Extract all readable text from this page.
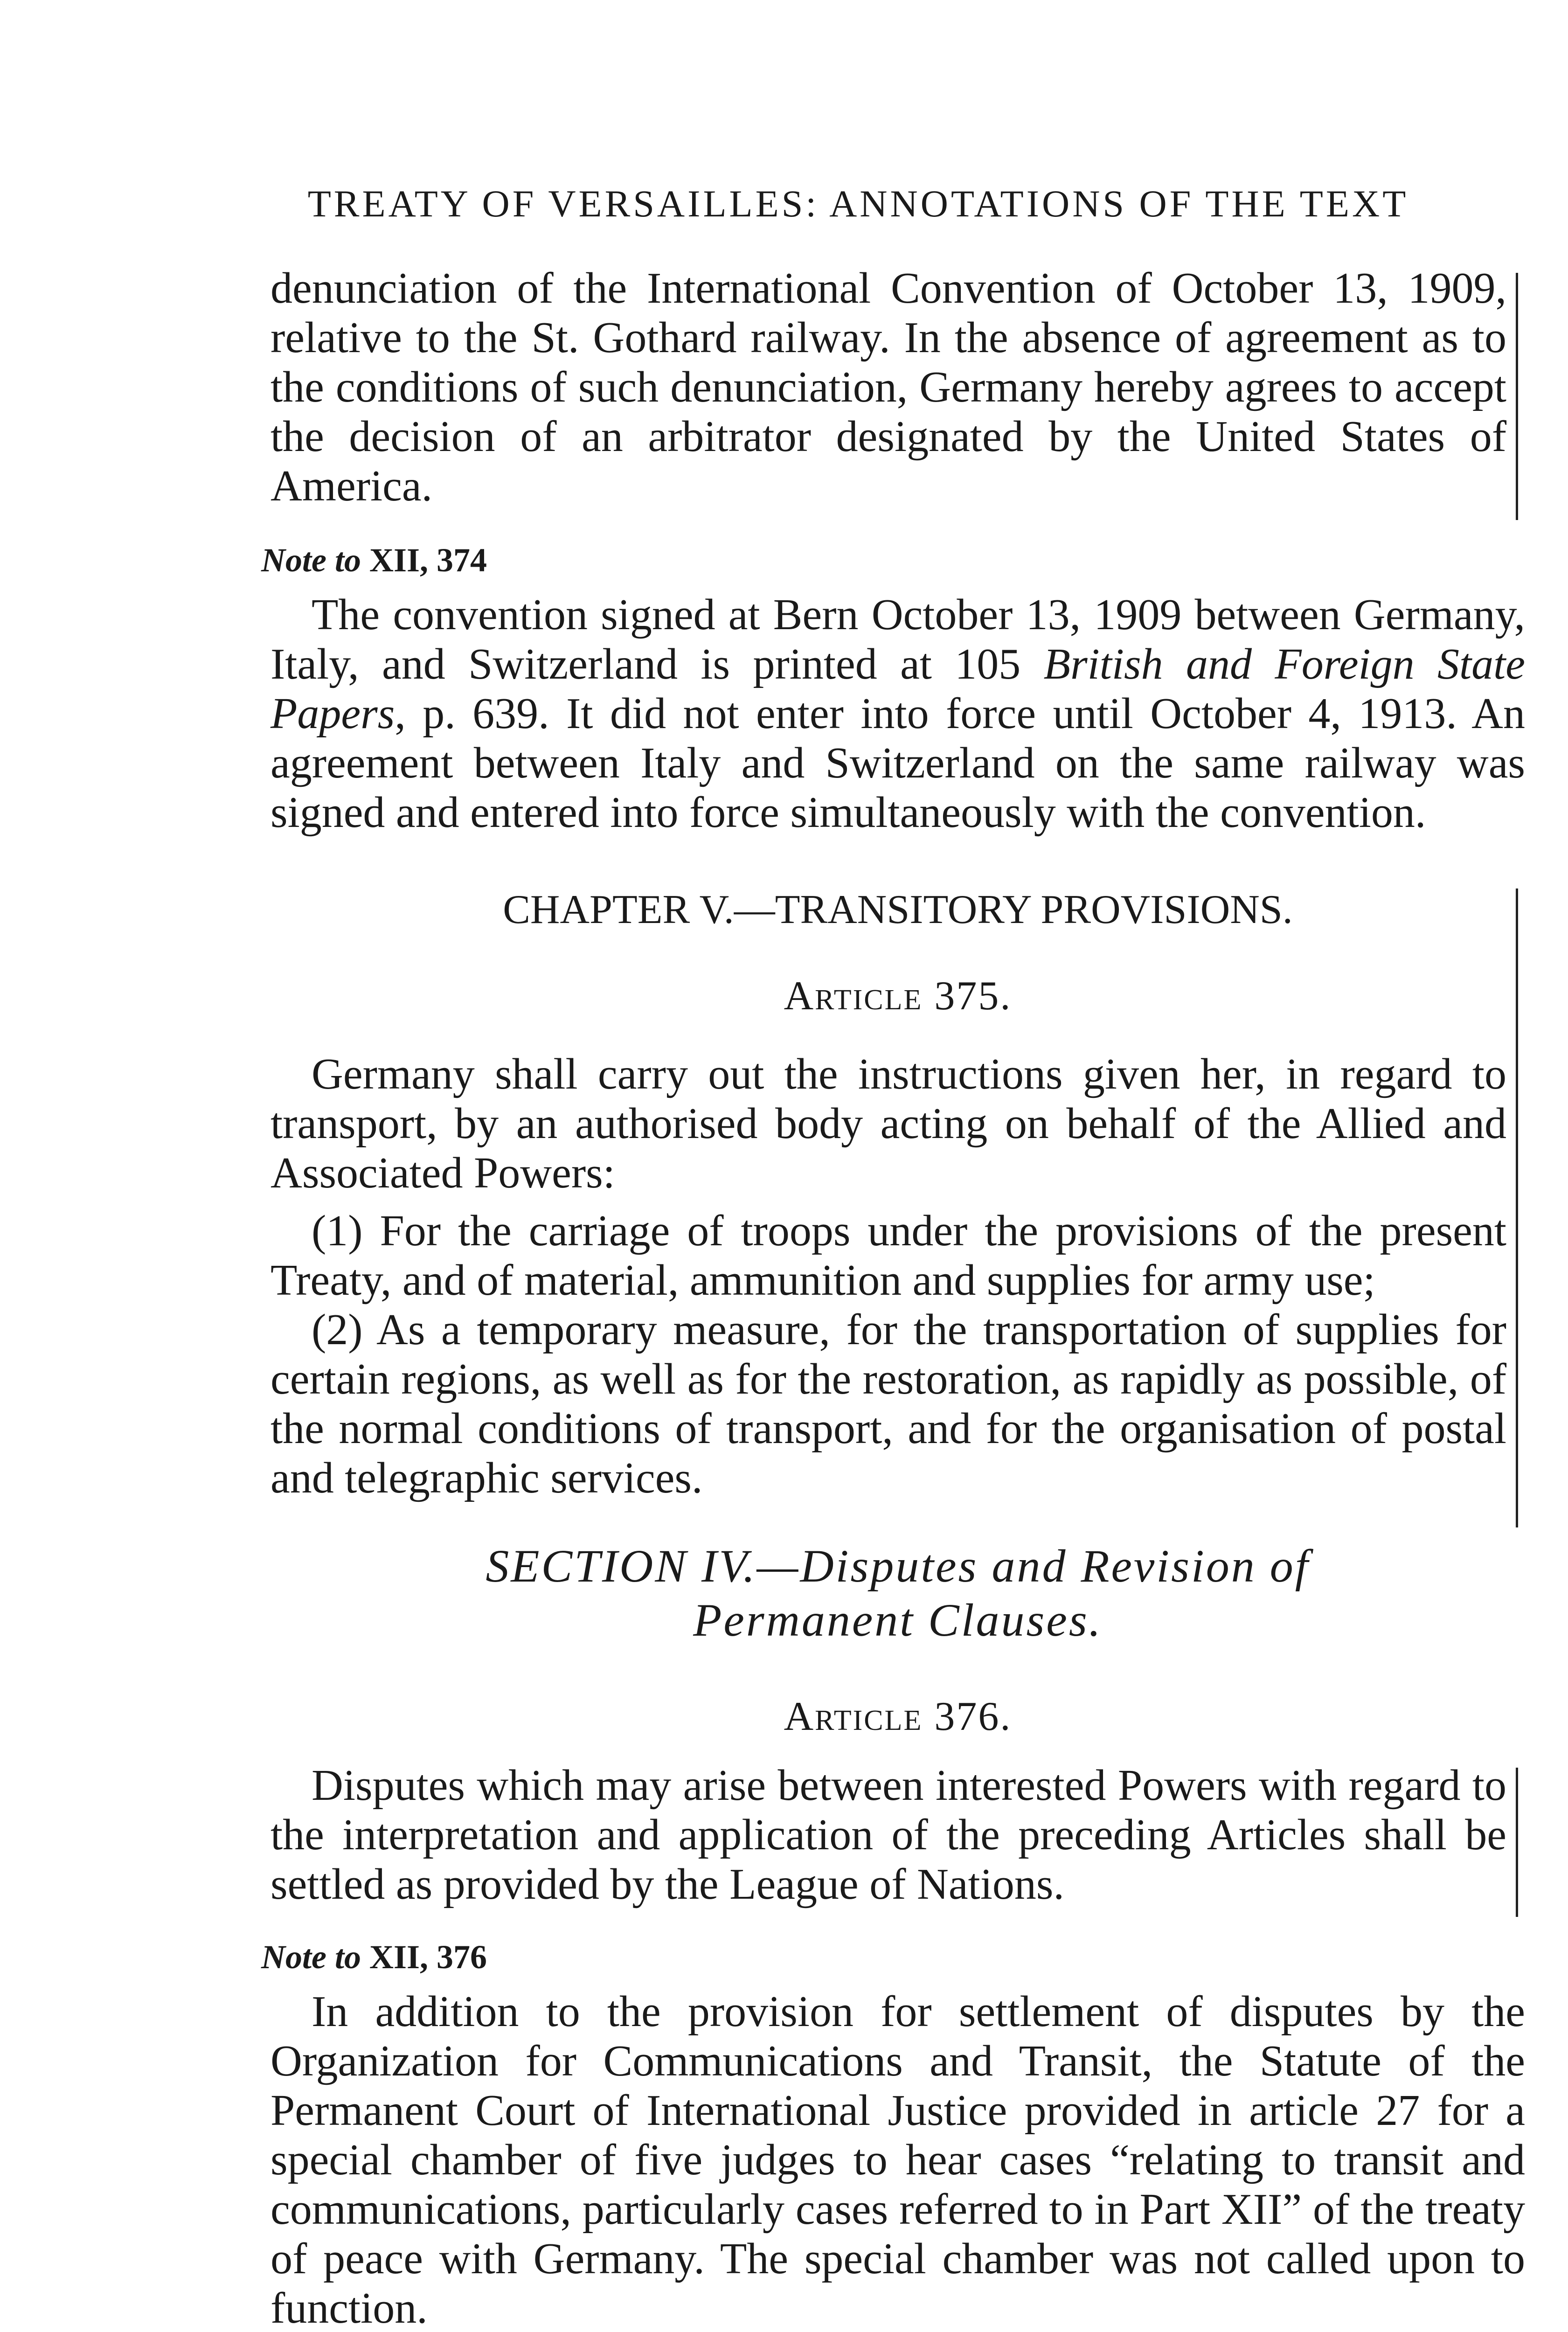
TREATY OF VERSAILLES: ANNOTATIONS OF THE TEXT

denunciation of the International Convention of October 13, 1909, relative to the St. Gothard railway. In the absence of agreement as to the conditions of such denunciation, Germany hereby agrees to accept the decision of an arbitrator designated by the United States of America.

Note to XII, 374

The convention signed at Bern October 13, 1909 between Germany, Italy, and Switzerland is printed at 105 British and Foreign State Papers, p. 639. It did not enter into force until October 4, 1913. An agreement between Italy and Switzerland on the same railway was signed and entered into force simultaneously with the convention.

CHAPTER V.—TRANSITORY PROVISIONS.
Article 375.

Germany shall carry out the instructions given her, in regard to transport, by an authorised body acting on behalf of the Allied and Associated Powers:

(1) For the carriage of troops under the provisions of the present Treaty, and of material, ammunition and supplies for army use;

(2) As a temporary measure, for the transportation of supplies for certain regions, as well as for the restoration, as rapidly as possible, of the normal conditions of transport, and for the organisation of postal and telegraphic services.

SECTION IV.—Disputes and Revision of
Permanent Clauses.
Article 376.

Disputes which may arise between interested Powers with regard to the interpretation and application of the preceding Articles shall be settled as provided by the League of Nations.

Note to XII, 376

In addition to the provision for settlement of disputes by the Organization for Communications and Transit, the Statute of the Permanent Court of International Justice provided in article 27 for a special chamber of five judges to hear cases “relating to transit and communications, particularly cases referred to in Part XII” of the treaty of peace with Germany. The special chamber was not called upon to function.
